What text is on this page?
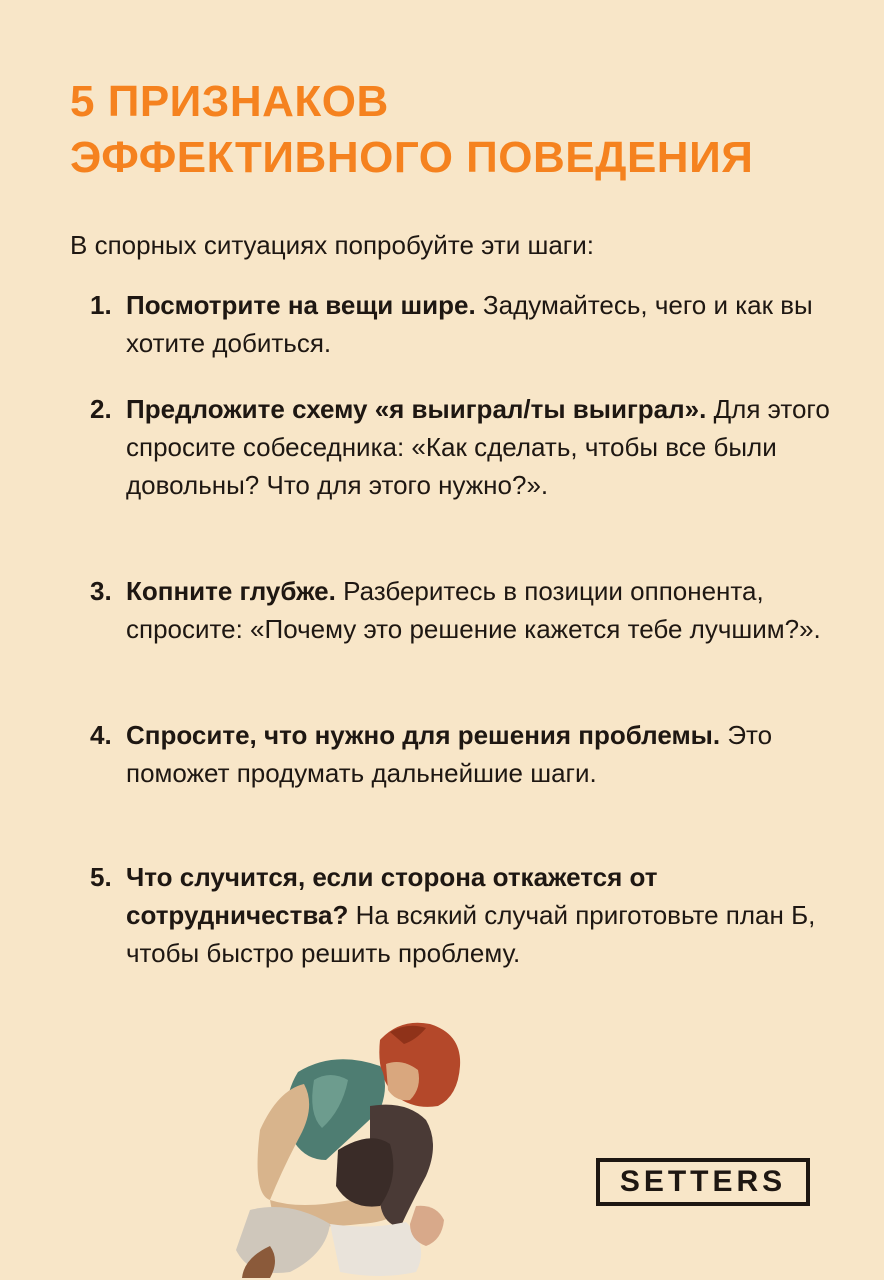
5 ПРИЗНАКОВ
ЭФФЕКТИВНОГО ПОВЕДЕНИЯ

В спорных ситуациях попробуйте эти шаги:

1. Посмотрите на вещи шире. Задумайтесь, чего и как вы хотите добиться.
2. Предложите схему «я выиграл/ты выиграл». Для этого спросите собеседника: «Как сделать, чтобы все были довольны? Что для этого нужно?».
3. Копните глубже. Разберитесь в позиции оппонента, спросите: «Почему это решение кажется тебе лучшим?».
4. Спросите, что нужно для решения проблемы. Это поможет продумать дальнейшие шаги.
5. Что случится, если сторона откажется от сотрудничества? На всякий случай приготовьте план Б, чтобы быстро решить проблему.
SETTERS
